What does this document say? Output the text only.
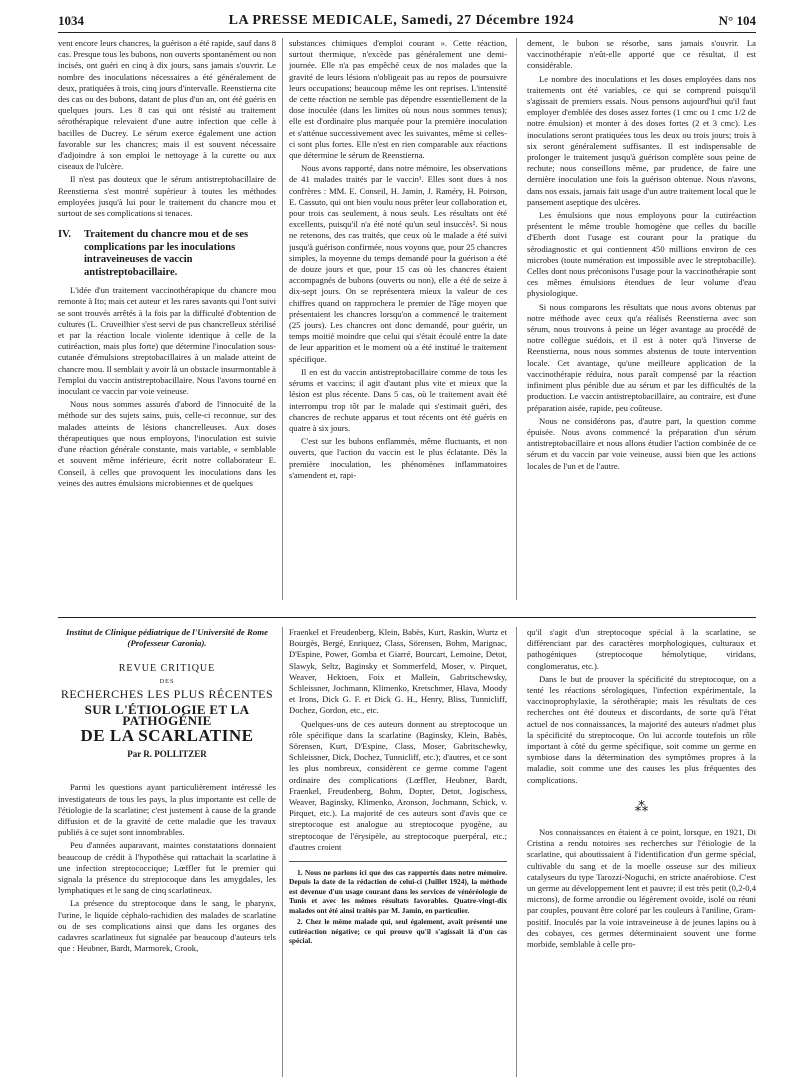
1034	LA PRESSE MEDICALE, Samedi, 27 Décembre 1924	N° 104

vent encore leurs chancres, la guérison a été rapide, sauf dans 8 cas. Presque tous les bubons, non ouverts spontanément ou non incisés, ont guéri en cinq à dix jours, sans jamais s'ouvrir. Le nombre des inoculations nécessaires a été généralement de deux, pratiquées à trois, cinq jours d'intervalle. Reenstierna cite des cas ou des bubons, datant de plus d'un an, ont été guéris en quelques jours. Les 8 cas qui ont résisté au traitement sérothérapique relevaient d'une autre infection que celle à bacilles de Ducrey. Le sérum exerce également une action favorable sur les chancres; mais il est souvent nécessaire d'adjoindre à son emploi le nettoyage à la curette ou aux ciseaux de l'ulcère.

Il n'est pas douteux que le sérum antistreptobacillaire de Reenstierna s'est montré supérieur à toutes les méthodes employées jusqu'à lui pour le traitement du chancre mou et surtout de ses complications si tenaces.

IV.	Traitement du chancre mou et de ses complications par les inoculations intraveineuses de vaccin antistreptobacillaire.

L'idée d'un traitement vaccinothérapique du chancre mou remonte à Ito; mais cet auteur et les rares savants qui l'ont suivi se sont trouvés arrêtés à la fois par la difficulté d'obtention de cultures (L. Cruveilhier s'est servi de pus chancrelleux stérilisé et par la réaction locale violente identique à celle de la cutiréaction, mais plus forte) que détermine l'inoculation sous-cutanée d'émulsions streptobacillaires à un malade atteint de chancre mou. Il semblait y avoir là un obstacle insurmontable à l'emploi du vaccin antistreptobacillaire. Nous l'avons tourné en inoculant ce vaccin par voie veineuse.

Nous nous sommes assurés d'abord de l'innocuité de la méthode sur des sujets sains, puis, celle-ci reconnue, sur des malades atteints de lésions chancrelleuses. Aux doses thérapeutiques que nous employons, l'inoculation est suivie d'une réaction générale constante, mais variable, « semblable et souvent même inférieure, écrit notre collaborateur E. Conseil, à celles que provoquent les inoculations dans les veines des autres émulsions microbiennes et de quelques

substances chimiques d'emploi courant ». Cette réaction, surtout thermique, n'excède pas généralement une demi-journée. Elle n'a pas empêché ceux de nos malades que la gravité de leurs lésions n'obligeait pas au repos de poursuivre leurs occupations; beaucoup même les ont reprises. L'intensité de cette réaction ne semble pas dépendre essentiellement de la dose inoculée (dans les limites où nous nous sommes tenus); elle est d'ordinaire plus marquée pour la première inoculation et s'atténue successivement avec les suivantes, même si celles-ci sont plus fortes. Elle n'est en rien comparable aux réactions que détermine le sérum de Reenstierna.

Nous avons rapporté, dans notre mémoire, les observations de 41 malades traités par le vaccin¹. Elles sont dues à nos confrères : MM. E. Conseil, H. Jamin, J. Raméry, H. Poirson, E. Cassuto, qui ont bien voulu nous prêter leur collaboration et, pour trois cas seulement, à nous seuls. Les résultats ont été excellents, puisqu'il n'a été noté qu'un seul insuccès². Si nous ne retenons, des cas traités, que ceux où le malade a été suivi jusqu'à guérison confirmée, nous voyons que, pour 25 chancres simples, la moyenne du temps demandé pour la guérison a été de douze jours et que, pour 15 cas où les chancres étaient accompagnés de bubons (ouverts ou non), elle a été de seize à dix-sept jours. On se représentera mieux la valeur de ces chiffres quand on rapprochera le premier de l'âge moyen que présentaient les chancres lorsqu'on a commencé le traitement (25 jours). Les chancres ont donc demandé, pour guérir, un temps moitié moindre que celui qui s'était écoulé entre la date de leur apparition et le moment où a été institué le traitement spécifique.

Il en est du vaccin antistreptobacillaire comme de tous les sérums et vaccins; il agit d'autant plus vite et mieux que la lésion est plus récente. Dans 5 cas, où le traitement avait été interrompu trop tôt par le malade qui s'estimait guéri, des chancres de rechute apparus et tout récents ont été guéris en quatre à six jours.

C'est sur les bubons enflammés, même fluctuants, et non ouverts, que l'action du vaccin est le plus éclatante. Dès la première inoculation, les phénomènes inflammatoires s'amendent et, rapi-

dement, le bubon se résorbe, sans jamais s'ouvrir. La vaccinothérapie n'eût-elle apporté que ce résultat, il est considérable.

Le nombre des inoculations et les doses employées dans nos traitements ont été variables, ce qui se comprend puisqu'il s'agissait de premiers essais. Nous pensons aujourd'hui qu'il faut employer d'emblée des doses assez fortes (1 cmc ou 1 cmc 1/2 de notre émulsion) et monter à des doses fortes (2 et 3 cmc). Les inoculations seront pratiquées tous les deux ou trois jours; trois à six seront généralement suffisantes. Il est indispensable de prolonger le traitement jusqu'à guérison complète sous peine de rechute; nous conseillons même, par prudence, de faire une dernière inoculation une fois la guérison obtenue. Nous n'avons, dans nos essais, jamais fait usage d'un autre traitement local que le pansement aseptique des ulcères.

Les émulsions que nous employons pour la cutiréaction présentent le même trouble homogène que celles du bacille d'Eberth dont l'usage est courant pour la pratique du sérodiagnostic et qui contiennent 450 millions environ de ces microbes (toute numération est impossible avec le streptobacille). Celles dont nous préconisons l'usage pour la vaccinothérapie sont ces mêmes émulsions étendues de leur volume d'eau physiologique.

Si nous comparons les résultats que nous avons obtenus par notre méthode avec ceux qu'a réalisés Reenstierna avec son sérum, nous trouvons à peine un léger avantage au procédé de notre collègue suédois, et il est à noter qu'à l'inverse de Reenstierna, nous nous sommes abstenus de toute intervention locale. Cet avantage, qu'une meilleure application de la vaccinothérapie réduira, nous paraît compensé par la réaction infiniment plus pénible due au sérum et par les difficultés de la production. Le vaccin antistreptobacillaire, au contraire, est d'une préparation aisée, rapide, peu coûteuse.

Nous ne considérons pas, d'autre part, la question comme épuisée. Nous avons commencé la préparation d'un sérum antistreptobacillaire et nous allons étudier l'action combinée de ce sérum et du vaccin par voie veineuse, aussi bien que les actions locales de l'un et de l'autre.

Institut de Clinique pédiatrique de l'Université de Rome (Professeur Caronia).
REVUE CRITIQUE
DES
RECHERCHES LES PLUS RÉCENTES
SUR L'ÉTIOLOGIE ET LA PATHOGÉNIE
DE LA SCARLATINE
Par R. POLLITZER

Parmi les questions ayant particulièrement intéressé les investigateurs de tous les pays, la plus importante est celle de l'étiologie de la scarlatine; c'est justement à cause de la grande diffusion et de la gravité de cette maladie que les travaux publiés à ce sujet sont innombrables.

Peu d'années auparavant, maintes constatations donnaient beaucoup de crédit à l'hypothèse qui rattachait la scarlatine à une infection streptococcique; Lœffler fut le premier qui signala la présence du streptocoque dans les amygdales, les lymphatiques et le sang de cinq scarlatineux.

La présence du streptocoque dans le sang, le pharynx, l'urine, le liquide céphalo-rachidien des malades de scarlatine ou de ses complications ainsi que dans les organes des cadavres scarlatineux fut signalée par beaucoup d'auteurs tels que : Heubner, Bardt, Marmorek, Crook,

Fraenkel et Freudenberg, Klein, Babès, Kurt, Raskin, Wurtz et Bourgès, Bergé, Enriquez, Class, Sörensen, Bohm, Marignac, D'Espine, Power, Gomba et Giarré, Bourcart, Lemoine, Detot, Slawyk, Seltz, Baginsky et Sommerfeld, Moser, v. Pirquet, Weaver, Hektoen, Foix et Mallein, Gabritschewsky, Schleissner, Jochmann, Klimenko, Kretschmer, Hlava, Moody et Irons, Dick G. F. et Dick G. H., Henry, Bliss, Tunnicliff, Dochez, Gordon, etc., etc.

Quelques-uns de ces auteurs donnent au streptocoque un rôle spécifique dans la scarlatine (Baginsky, Klein, Babès, Sörensen, Kurt, D'Espine, Class, Moser, Gabritschewky, Schleissner, Dick, Dochez, Tunnicliff, etc.); d'autres, et ce sont les plus nombreux, considèrent ce germe comme l'agent ordinaire des complications (Lœffler, Heubner, Bardt, Fraenkel, Freudenberg, Bohm, Dopter, Detot, Jogischess, Weaver, Baginsky, Klimenko, Aronson, Jochmann, Schick, v. Pirquet, etc.). La majorité de ces auteurs sont d'avis que ce streptocoque est analogue au streptocoque pyogène, au streptocoque de l'érysipèle, au streptocoque puerpéral, etc.; d'autres croient

1. Nous ne parlons ici que des cas rapportés dans notre mémoire. Depuis la date de la rédaction de celui-ci (Juillet 1924), la méthode est devenue d'un usage courant dans les services de vénéréologie de Tunis et avec les mêmes résultats favorables. Quatre-vingt-dix malades ont été ainsi traités par M. Jamin, en particulier.

2. Chez le même malade qui, seul également, avait présenté une cutiréaction négative; ce qui prouve qu'il s'agissait là d'un cas spécial.

qu'il s'agit d'un streptocoque spécial à la scarlatine, se différenciant par des caractères morphologiques, culturaux et pathogéniques (streptocoque hémolytique, viridans, conglomeratus, etc.).

Dans le but de prouver la spécificité du streptocoque, on a tenté les réactions sérologiques, l'infection expérimentale, la vaccinoprophylaxie, la sérothérapie; mais les résultats de ces recherches ont été douteux et discordants, de sorte qu'à l'état actuel de nos connaissances, la majorité des auteurs n'admet plus la spécificité du streptocoque. On lui accorde toutefois un rôle important à côté du germe spécifique, soit comme un germe en symbiose dans la détermination des symptômes propres à la maladie, soit comme une des causes les plus fréquentes des complications.

⁂

Nos connaissances en étaient à ce point, lorsque, en 1921, Di Cristina a rendu notoires ses recherches sur l'étiologie de la scarlatine, qui aboutissaient à l'identification d'un germe spécial, cultivable du sang et de la moelle osseuse sur des milieux catalyseurs du type Tarozzi-Noguchi, en stricte anaérobiose. C'est un germe au développement lent et pauvre; il est très petit (0,2-0,4 microns), de forme arrondie ou légèrement ovoïde, isolé ou réuni par couples, pouvant être coloré par les couleurs à l'aniline, Gram-positif. Inoculés par la voie intraveineuse à de jeunes lapins ou à des cobayes, ces germes déterminaient souvent une forme morbide, semblable à celle pro-
